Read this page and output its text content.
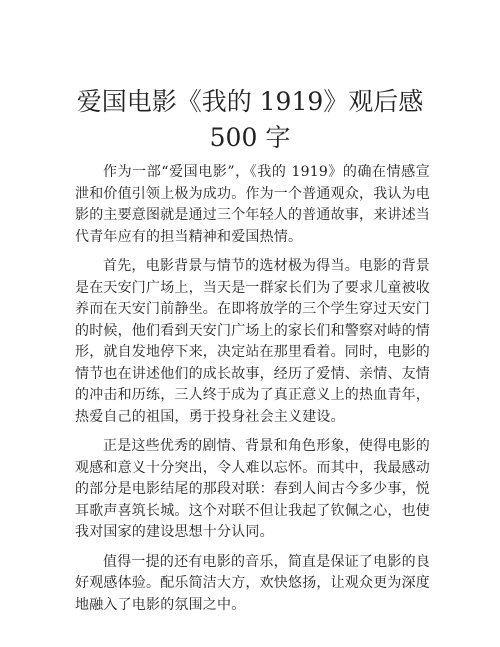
爱国电影《我的 1919》观后感 500 字

作为一部“爱国电影”，《我的 1919》的确在情感宣泄和价值引领上极为成功。作为一个普通观众，我认为电影的主要意图就是通过三个年轻人的普通故事，来讲述当代青年应有的担当精神和爱国热情。

首先，电影背景与情节的选材极为得当。电影的背景是在天安门广场上，当天是一群家长们为了要求儿童被收养而在天安门前静坐。在即将放学的三个学生穿过天安门的时候，他们看到天安门广场上的家长们和警察对峙的情形，就自发地停下来，决定站在那里看着。同时，电影的情节也在讲述他们的成长故事，经历了爱情、亲情、友情的冲击和历练，三人终于成为了真正意义上的热血青年，热爱自己的祖国，勇于投身社会主义建设。

正是这些优秀的剧情、背景和角色形象，使得电影的观感和意义十分突出，令人难以忘怀。而其中，我最感动的部分是电影结尾的那段对联：春到人间古今多少事，悦耳歌声喜筑长城。这个对联不但让我起了钦佩之心，也使我对国家的建设思想十分认同。

值得一提的还有电影的音乐，简直是保证了电影的良好观感体验。配乐简洁大方，欢快悠扬，让观众更为深度地融入了电影的氛围之中。
